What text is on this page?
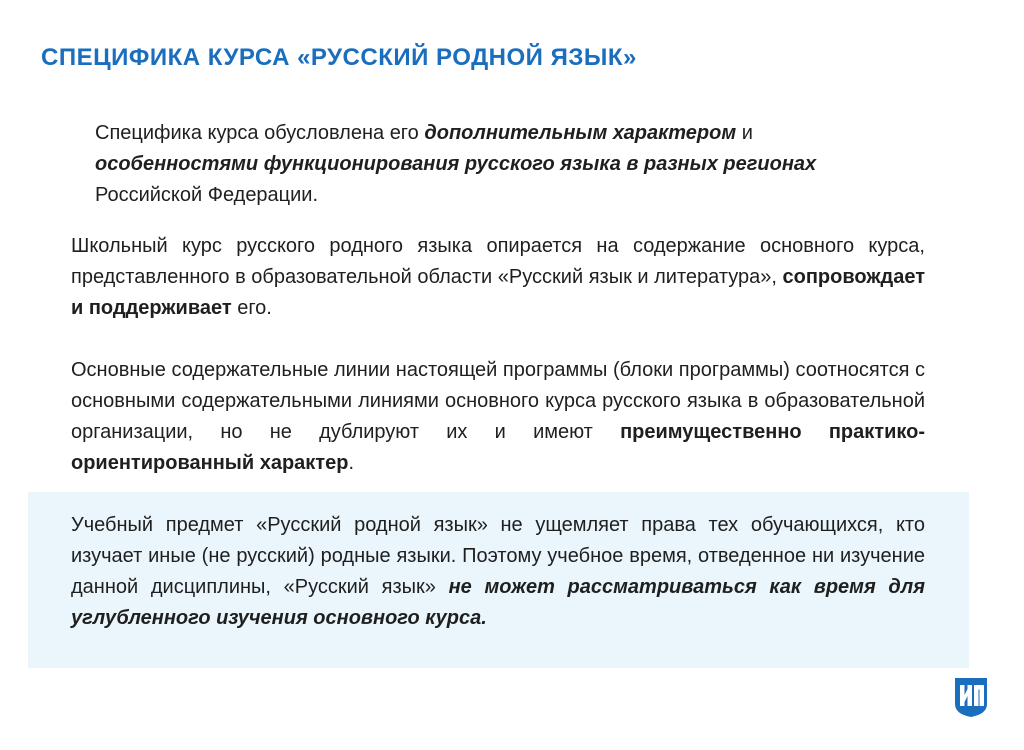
СПЕЦИФИКА КУРСА «РУССКИЙ РОДНОЙ ЯЗЫК»

Специфика курса обусловлена его дополнительным характером и
особенностями функционирования русского языка в разных регионах
Российской Федерации.

Школьный курс русского родного языка опирается на содержание основного курса, представленного в образовательной области «Русский язык и литература», сопровождает и поддерживает его.

Основные содержательные линии настоящей программы (блоки программы) соотносятся с основными содержательными линиями основного курса русского языка в образовательной организации, но не дублируют их и имеют преимущественно практико-ориентированный характер.

Учебный предмет «Русский родной язык» не ущемляет права тех обучающихся, кто изучает иные (не русский) родные языки. Поэтому учебное время, отведенное ни изучение данной дисциплины, «Русский язык» не может рассматриваться как время для углубленного изучения основного курса.
